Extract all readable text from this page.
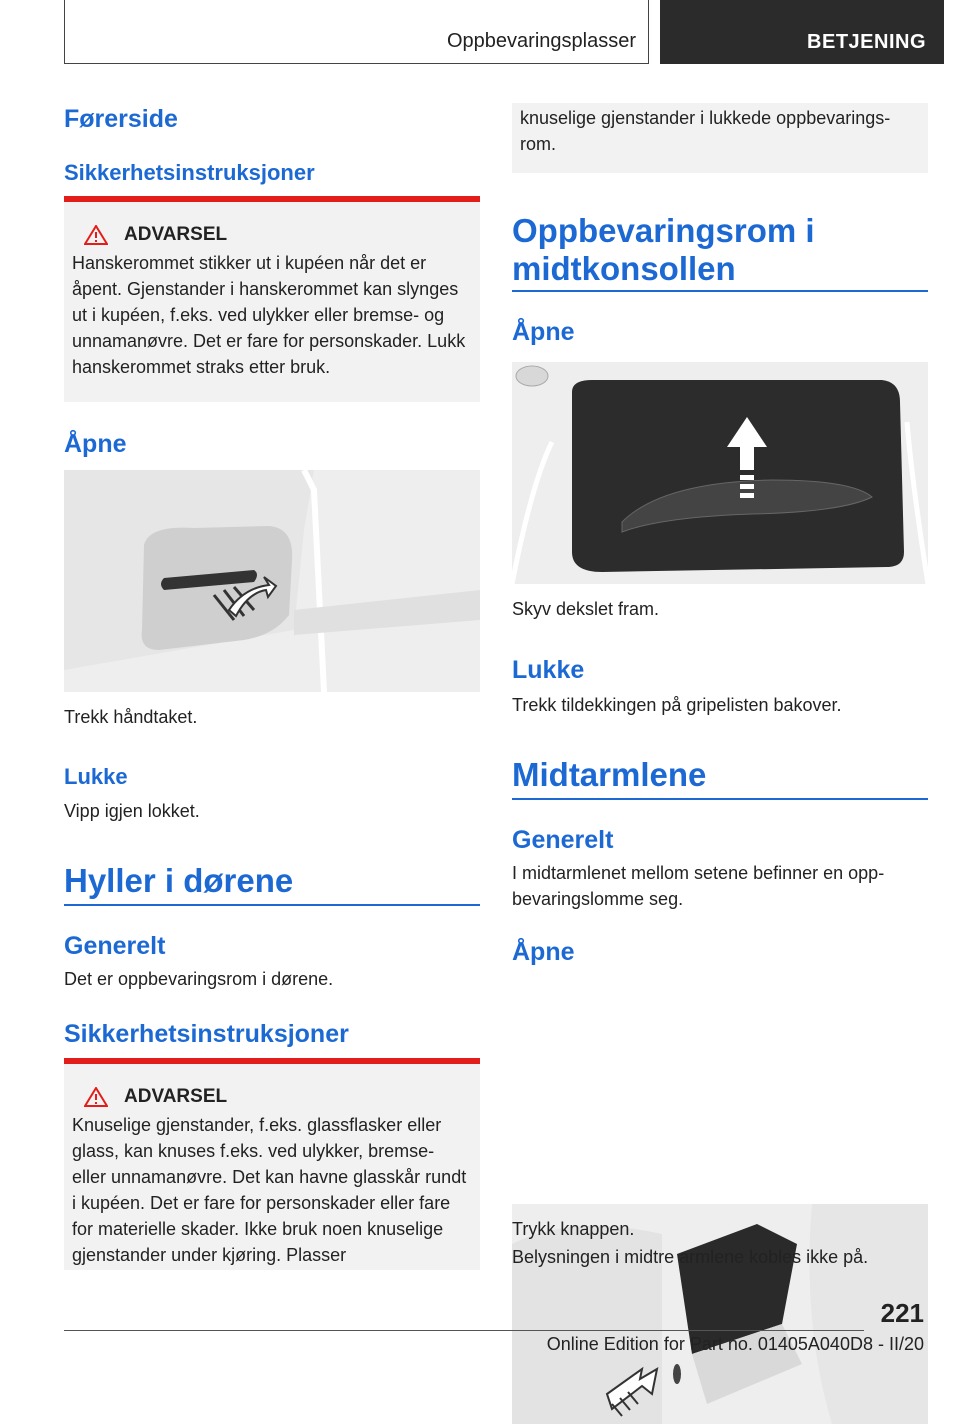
Oppbevaringsplasser	BETJENING
Førerside
Sikkerhetsinstruksjoner
ADVARSEL

Hanskerommet stikker ut i kupéen når det er åpent. Gjenstander i hanskerommet kan slynges ut i kupéen, f.eks. ved ulykker eller bremse- og unnamanøvre. Det er fare for personskader. Lukk hanskerommet straks etter bruk.

Åpne

Trekk håndtaket.

Lukke

Vipp igjen lokket.

Hyller i dørene
Generelt

Det er oppbevaringsrom i dørene.

Sikkerhetsinstruksjoner
ADVARSEL

Knuselige gjenstander, f.eks. glassflasker eller glass, kan knuses f.eks. ved ulykker, bremse- eller unnamanøvre. Det kan havne glasskår rundt i kupéen. Det er fare for personskader eller fare for materielle skader. Ikke bruk noen knuselige gjenstander under kjøring. Plasser

knuselige gjenstander i lukkede oppbevaringsrom.

Oppbevaringsrom i midtkonsollen
Åpne

Skyv dekslet fram.

Lukke

Trekk tildekkingen på gripelisten bakover.

Midtarmlene
Generelt

I midtarmlenet mellom setene befinner en oppbevaringslomme seg.

Åpne

Trykk knappen.

Belysningen i midtre armlene kobles ikke på.

221
Online Edition for Part no. 01405A040D8 - II/20
